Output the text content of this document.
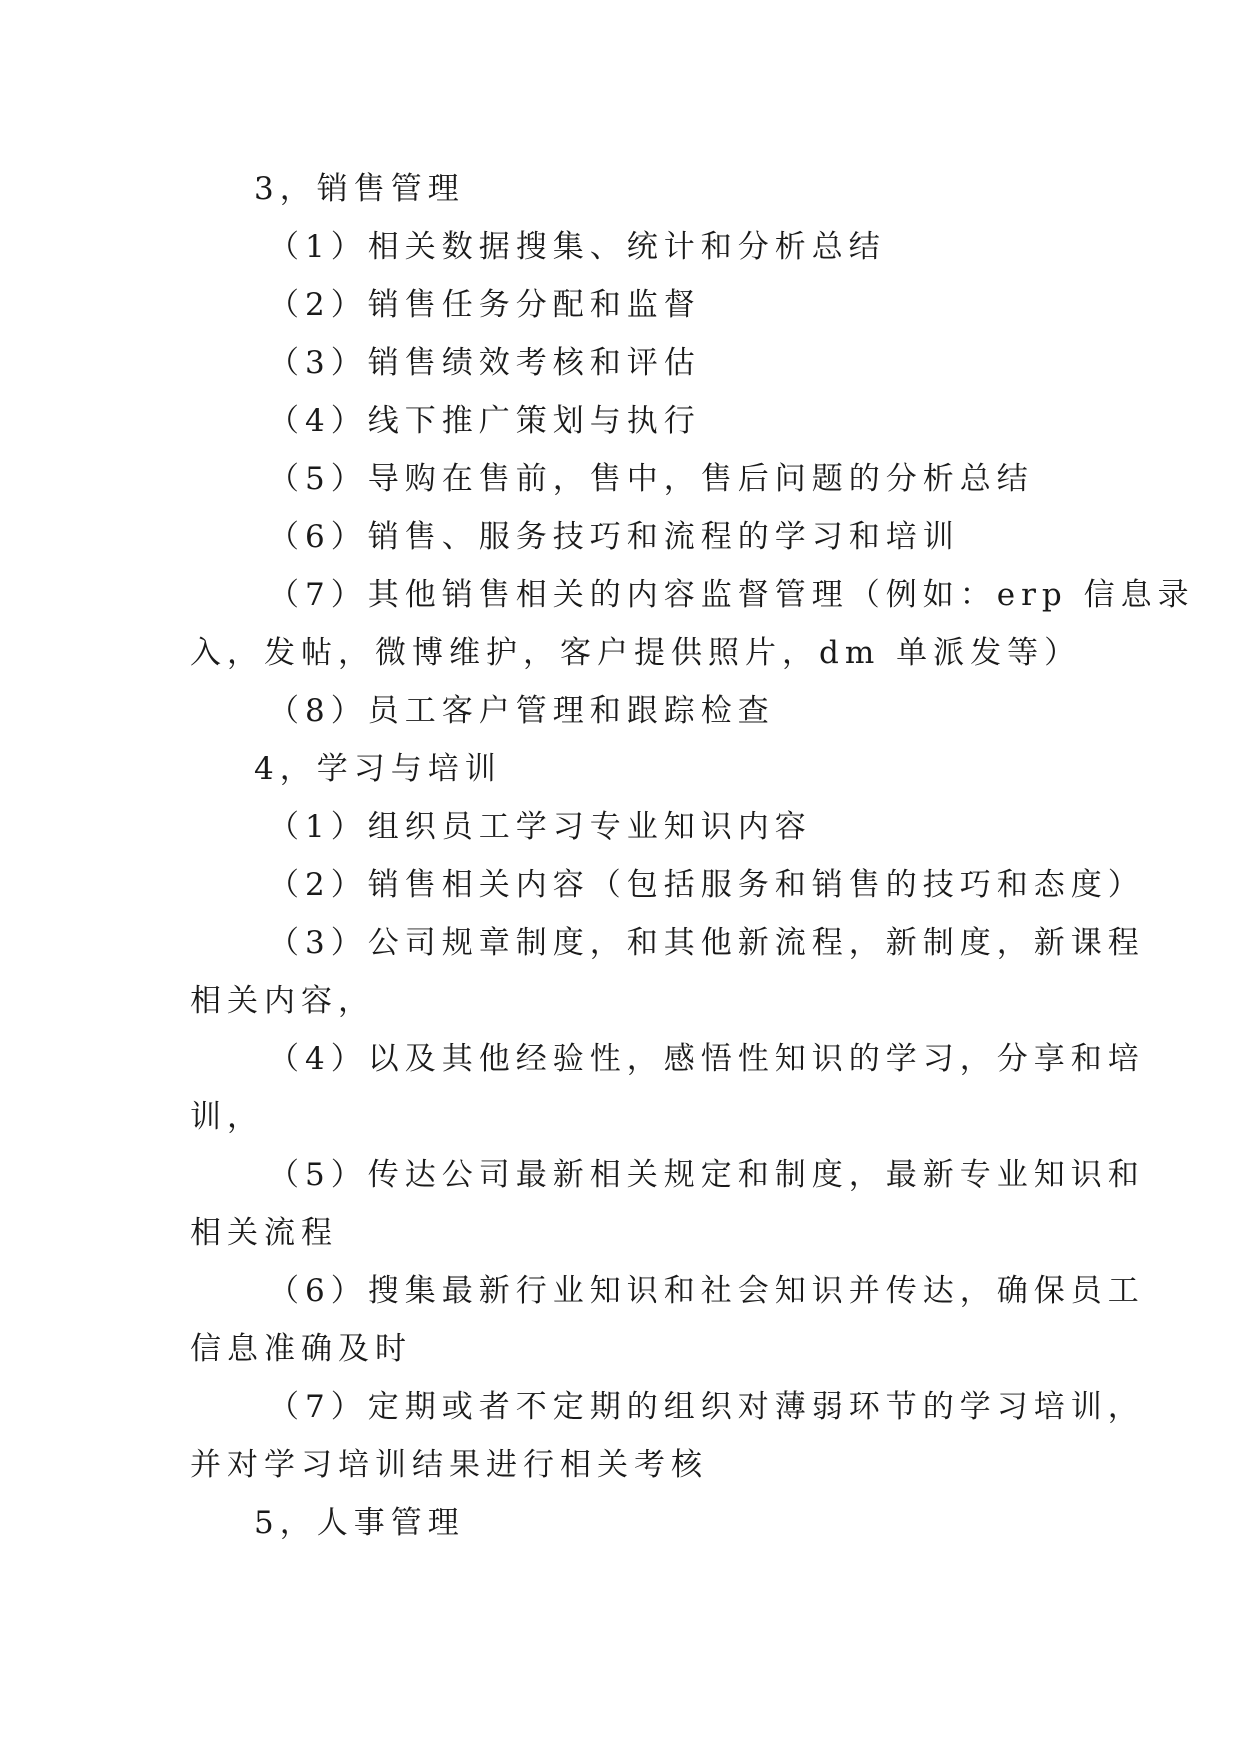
3，销售管理

（1）相关数据搜集、统计和分析总结

（2）销售任务分配和监督

（3）销售绩效考核和评估

（4）线下推广策划与执行

（5）导购在售前，售中，售后问题的分析总结

（6）销售、服务技巧和流程的学习和培训

（7）其他销售相关的内容监督管理（例如：erp 信息录

入，发帖，微博维护，客户提供照片，dm 单派发等）

（8）员工客户管理和跟踪检查

4，学习与培训

（1）组织员工学习专业知识内容

（2）销售相关内容（包括服务和销售的技巧和态度）

（3）公司规章制度，和其他新流程，新制度，新课程

相关内容，

（4）以及其他经验性，感悟性知识的学习，分享和培

训，

（5）传达公司最新相关规定和制度，最新专业知识和

相关流程

（6）搜集最新行业知识和社会知识并传达，确保员工

信息准确及时

（7）定期或者不定期的组织对薄弱环节的学习培训，

并对学习培训结果进行相关考核

5，人事管理
